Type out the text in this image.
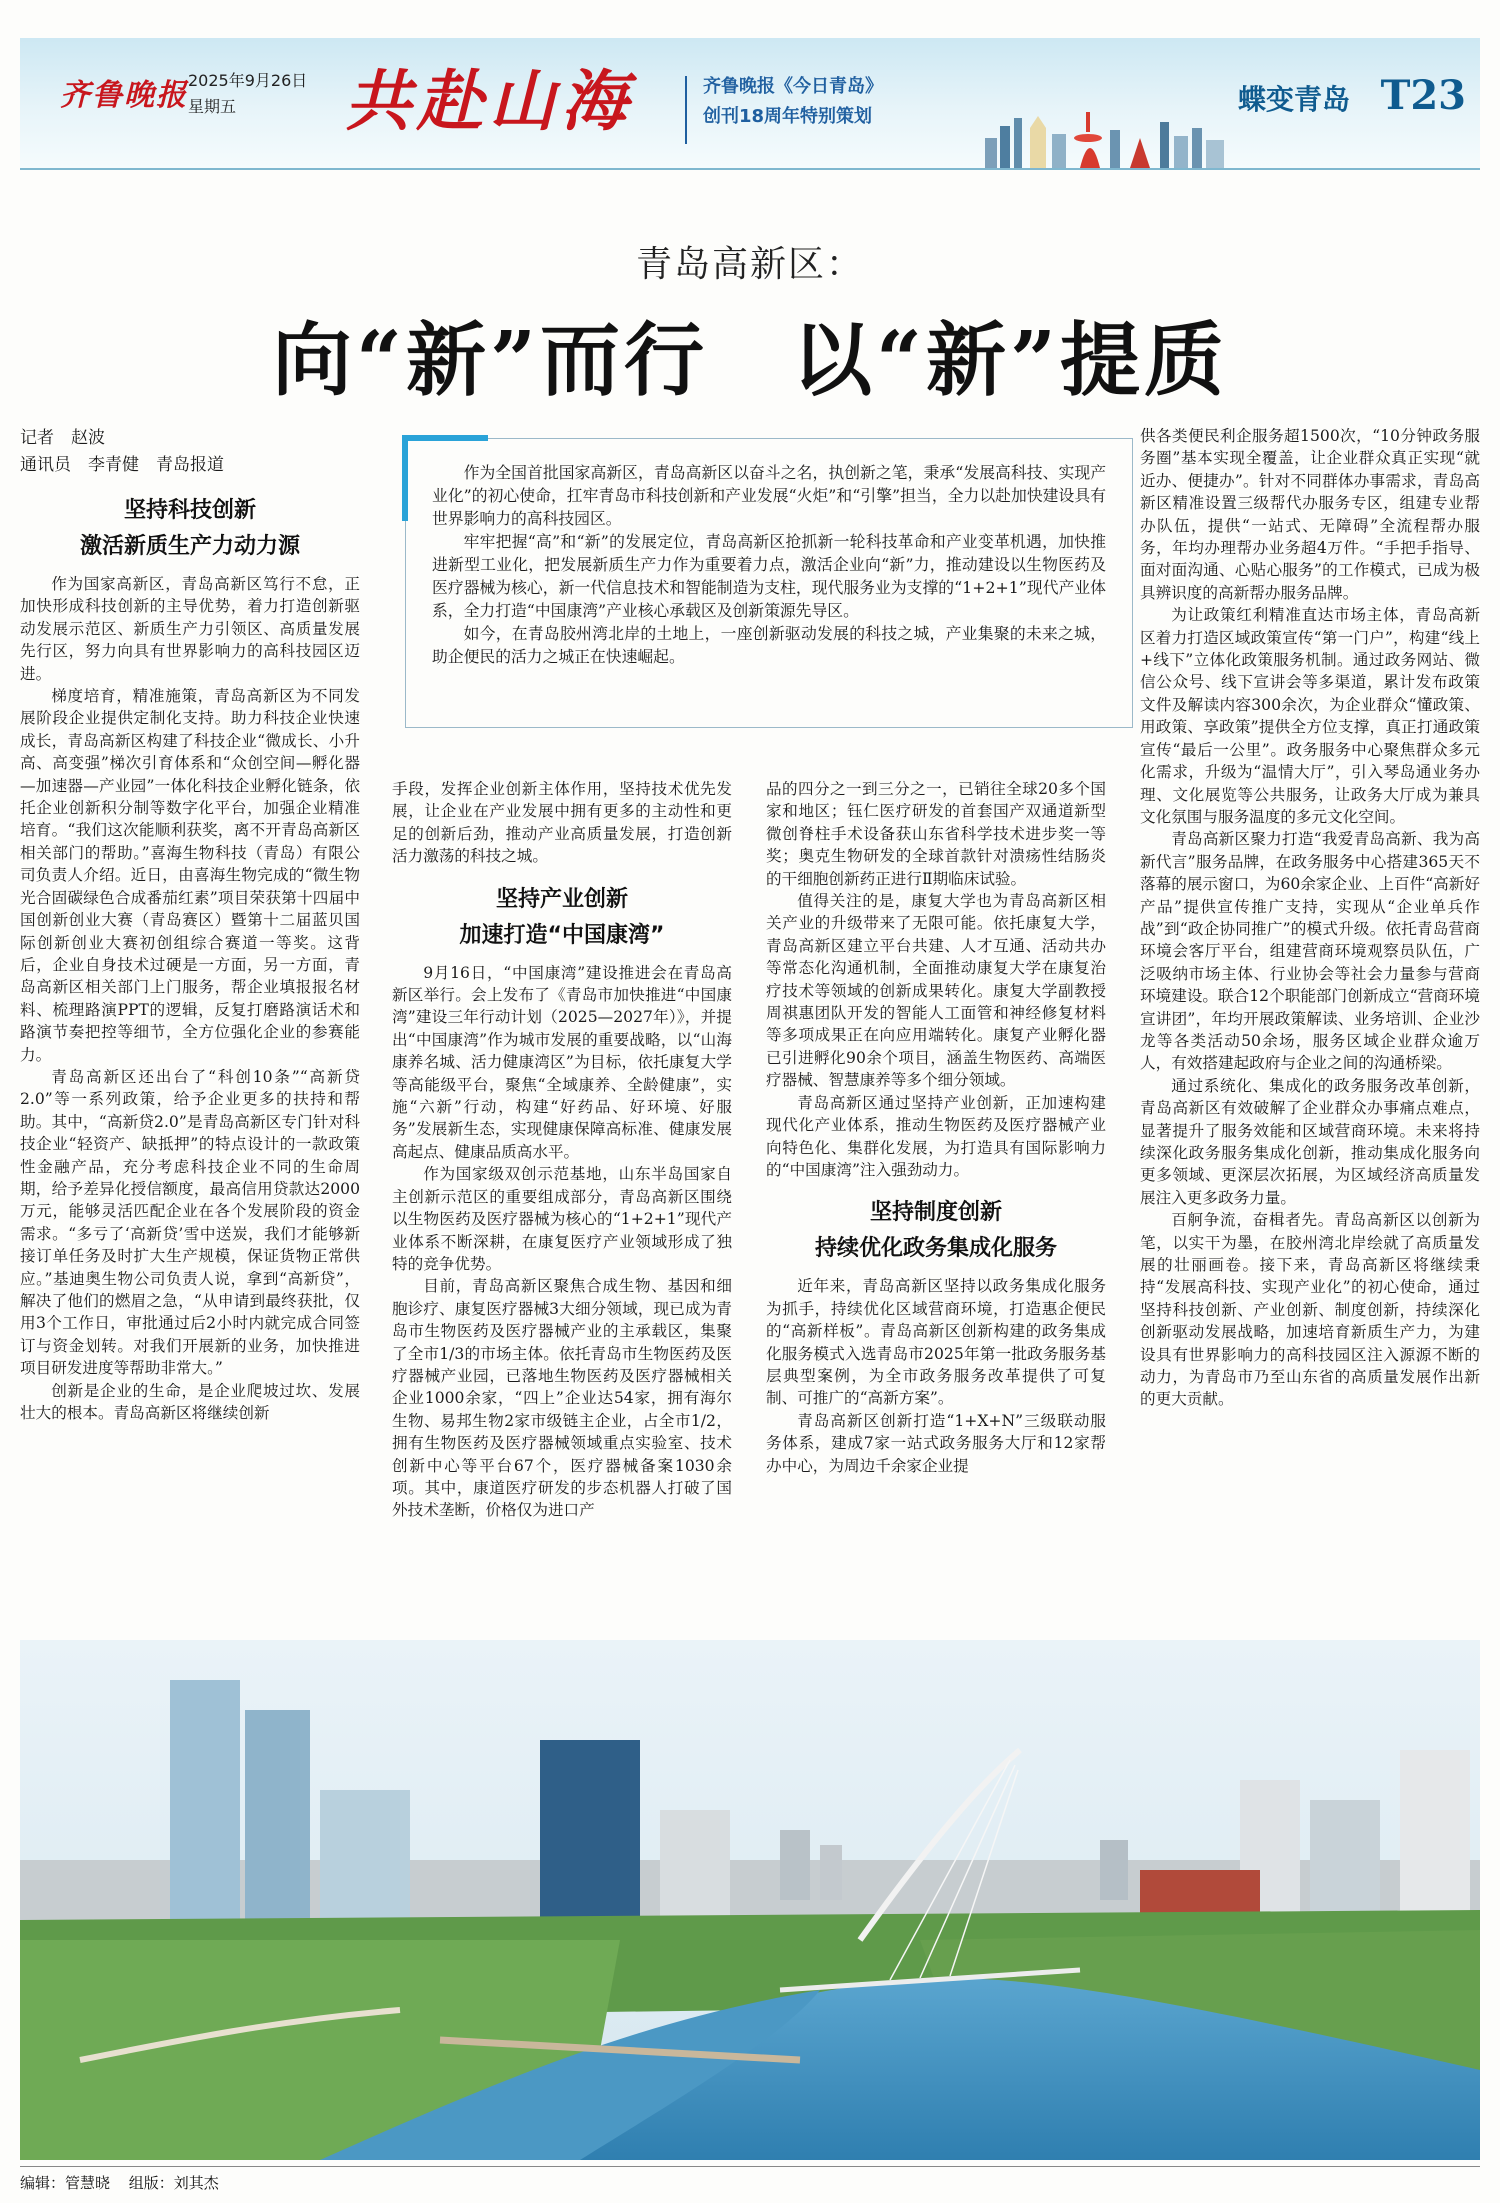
齐鲁晚报 2025年9月26日
星期五	共赴山海	齐鲁晚报《今日青岛》
创刊18周年特别策划
蝶变青岛 T23
青岛高新区：
向“新”而行　以“新”提质

作为全国首批国家高新区，青岛高新区以奋斗之名，执创新之笔，秉承“发展高科技、实现产业化”的初心使命，扛牢青岛市科技创新和产业发展“火炬”和“引擎”担当，全力以赴加快建设具有世界影响力的高科技园区。

牢牢把握“高”和“新”的发展定位，青岛高新区抢抓新一轮科技革命和产业变革机遇，加快推进新型工业化，把发展新质生产力作为重要着力点，激活企业向“新”力，推动建设以生物医药及医疗器械为核心，新一代信息技术和智能制造为支柱，现代服务业为支撑的“1+2+1”现代产业体系，全力打造“中国康湾”产业核心承载区及创新策源先导区。

如今，在青岛胶州湾北岸的土地上，一座创新驱动发展的科技之城，产业集聚的未来之城，助企便民的活力之城正在快速崛起。

记者　赵波
通讯员　李青健　青岛报道

坚持科技创新
激活新质生产力动力源

作为国家高新区，青岛高新区笃行不怠，正加快形成科技创新的主导优势，着力打造创新驱动发展示范区、新质生产力引领区、高质量发展先行区，努力向具有世界影响力的高科技园区迈进。

梯度培育，精准施策，青岛高新区为不同发展阶段企业提供定制化支持。助力科技企业快速成长，青岛高新区构建了科技企业“微成长、小升高、高变强”梯次引育体系和“众创空间—孵化器—加速器—产业园”一体化科技企业孵化链条，依托企业创新积分制等数字化平台，加强企业精准培育。“我们这次能顺利获奖，离不开青岛高新区相关部门的帮助。”喜海生物科技（青岛）有限公司负责人介绍。近日，由喜海生物完成的“微生物光合固碳绿色合成番茄红素”项目荣获第十四届中国创新创业大赛（青岛赛区）暨第十二届蓝贝国际创新创业大赛初创组综合赛道一等奖。这背后，企业自身技术过硬是一方面，另一方面，青岛高新区相关部门上门服务，帮企业填报报名材料、梳理路演PPT的逻辑，反复打磨路演话术和路演节奏把控等细节，全方位强化企业的参赛能力。

青岛高新区还出台了“科创10条”“高新贷2.0”等一系列政策，给予企业更多的扶持和帮助。其中，“高新贷2.0”是青岛高新区专门针对科技企业“轻资产、缺抵押”的特点设计的一款政策性金融产品，充分考虑科技企业不同的生命周期，给予差异化授信额度，最高信用贷款达2000万元，能够灵活匹配企业在各个发展阶段的资金需求。“多亏了‘高新贷’雪中送炭，我们才能够新接订单任务及时扩大生产规模，保证货物正常供应。”基迪奥生物公司负责人说，拿到“高新贷”，解决了他们的燃眉之急，“从申请到最终获批，仅用3个工作日，审批通过后2小时内就完成合同签订与资金划转。对我们开展新的业务，加快推进项目研发进度等帮助非常大。”

创新是企业的生命，是企业爬坡过坎、发展壮大的根本。青岛高新区将继续创新

手段，发挥企业创新主体作用，坚持技术优先发展，让企业在产业发展中拥有更多的主动性和更足的创新后劲，推动产业高质量发展，打造创新活力激荡的科技之城。

坚持产业创新
加速打造“中国康湾”

9月16日，“中国康湾”建设推进会在青岛高新区举行。会上发布了《青岛市加快推进“中国康湾”建设三年行动计划（2025—2027年）》，并提出“中国康湾”作为城市发展的重要战略，以“山海康养名城、活力健康湾区”为目标，依托康复大学等高能级平台，聚焦“全域康养、全龄健康”，实施“六新”行动，构建“好药品、好环境、好服务”发展新生态，实现健康保障高标准、健康发展高起点、健康品质高水平。

作为国家级双创示范基地，山东半岛国家自主创新示范区的重要组成部分，青岛高新区围绕以生物医药及医疗器械为核心的“1+2+1”现代产业体系不断深耕，在康复医疗产业领域形成了独特的竞争优势。

目前，青岛高新区聚焦合成生物、基因和细胞诊疗、康复医疗器械3大细分领域，现已成为青岛市生物医药及医疗器械产业的主承载区，集聚了全市1/3的市场主体。依托青岛市生物医药及医疗器械产业园，已落地生物医药及医疗器械相关企业1000余家，“四上”企业达54家，拥有海尔生物、易邦生物2家市级链主企业，占全市1/2，拥有生物医药及医疗器械领域重点实验室、技术创新中心等平台67个，医疗器械备案1030余项。其中，康道医疗研发的步态机器人打破了国外技术垄断，价格仅为进口产

品的四分之一到三分之一，已销往全球20多个国家和地区；钰仁医疗研发的首套国产双通道新型微创脊柱手术设备获山东省科学技术进步奖一等奖；奥克生物研发的全球首款针对溃疡性结肠炎的干细胞创新药正进行Ⅱ期临床试验。

值得关注的是，康复大学也为青岛高新区相关产业的升级带来了无限可能。依托康复大学，青岛高新区建立平台共建、人才互通、活动共办等常态化沟通机制，全面推动康复大学在康复治疗技术等领域的创新成果转化。康复大学副教授周祺惠团队开发的智能人工面管和神经修复材料等多项成果正在向应用端转化。康复产业孵化器已引进孵化90余个项目，涵盖生物医药、高端医疗器械、智慧康养等多个细分领域。

青岛高新区通过坚持产业创新，正加速构建现代化产业体系，推动生物医药及医疗器械产业向特色化、集群化发展，为打造具有国际影响力的“中国康湾”注入强劲动力。

坚持制度创新
持续优化政务集成化服务

近年来，青岛高新区坚持以政务集成化服务为抓手，持续优化区域营商环境，打造惠企便民的“高新样板”。青岛高新区创新构建的政务集成化服务模式入选青岛市2025年第一批政务服务基层典型案例，为全市政务服务改革提供了可复制、可推广的“高新方案”。

青岛高新区创新打造“1+X+N”三级联动服务体系，建成7家一站式政务服务大厅和12家帮办中心，为周边千余家企业提

供各类便民利企服务超1500次，“10分钟政务服务圈”基本实现全覆盖，让企业群众真正实现“就近办、便捷办”。针对不同群体办事需求，青岛高新区精准设置三级帮代办服务专区，组建专业帮办队伍，提供“一站式、无障碍”全流程帮办服务，年均办理帮办业务超4万件。“手把手指导、面对面沟通、心贴心服务”的工作模式，已成为极具辨识度的高新帮办服务品牌。

为让政策红利精准直达市场主体，青岛高新区着力打造区域政策宣传“第一门户”，构建“线上+线下”立体化政策服务机制。通过政务网站、微信公众号、线下宣讲会等多渠道，累计发布政策文件及解读内容300余次，为企业群众“懂政策、用政策、享政策”提供全方位支撑，真正打通政策宣传“最后一公里”。政务服务中心聚焦群众多元化需求，升级为“温情大厅”，引入琴岛通业务办理、文化展览等公共服务，让政务大厅成为兼具文化氛围与服务温度的多元文化空间。

青岛高新区聚力打造“我爱青岛高新、我为高新代言”服务品牌，在政务服务中心搭建365天不落幕的展示窗口，为60余家企业、上百件“高新好产品”提供宣传推广支持，实现从“企业单兵作战”到“政企协同推广”的模式升级。依托青岛营商环境会客厅平台，组建营商环境观察员队伍，广泛吸纳市场主体、行业协会等社会力量参与营商环境建设。联合12个职能部门创新成立“营商环境宣讲团”，年均开展政策解读、业务培训、企业沙龙等各类活动50余场，服务区域企业群众逾万人，有效搭建起政府与企业之间的沟通桥梁。

通过系统化、集成化的政务服务改革创新，青岛高新区有效破解了企业群众办事痛点难点，显著提升了服务效能和区域营商环境。未来将持续深化政务服务集成化创新，推动集成化服务向更多领域、更深层次拓展，为区域经济高质量发展注入更多政务力量。

百舸争流，奋楫者先。青岛高新区以创新为笔，以实干为墨，在胶州湾北岸绘就了高质量发展的壮丽画卷。接下来，青岛高新区将继续秉持“发展高科技、实现产业化”的初心使命，通过坚持科技创新、产业创新、制度创新，持续深化创新驱动发展战略，加速培育新质生产力，为建设具有世界影响力的高科技园区注入源源不断的动力，为青岛市乃至山东省的高质量发展作出新的更大贡献。

编辑：管慧晓 组版：刘其杰
